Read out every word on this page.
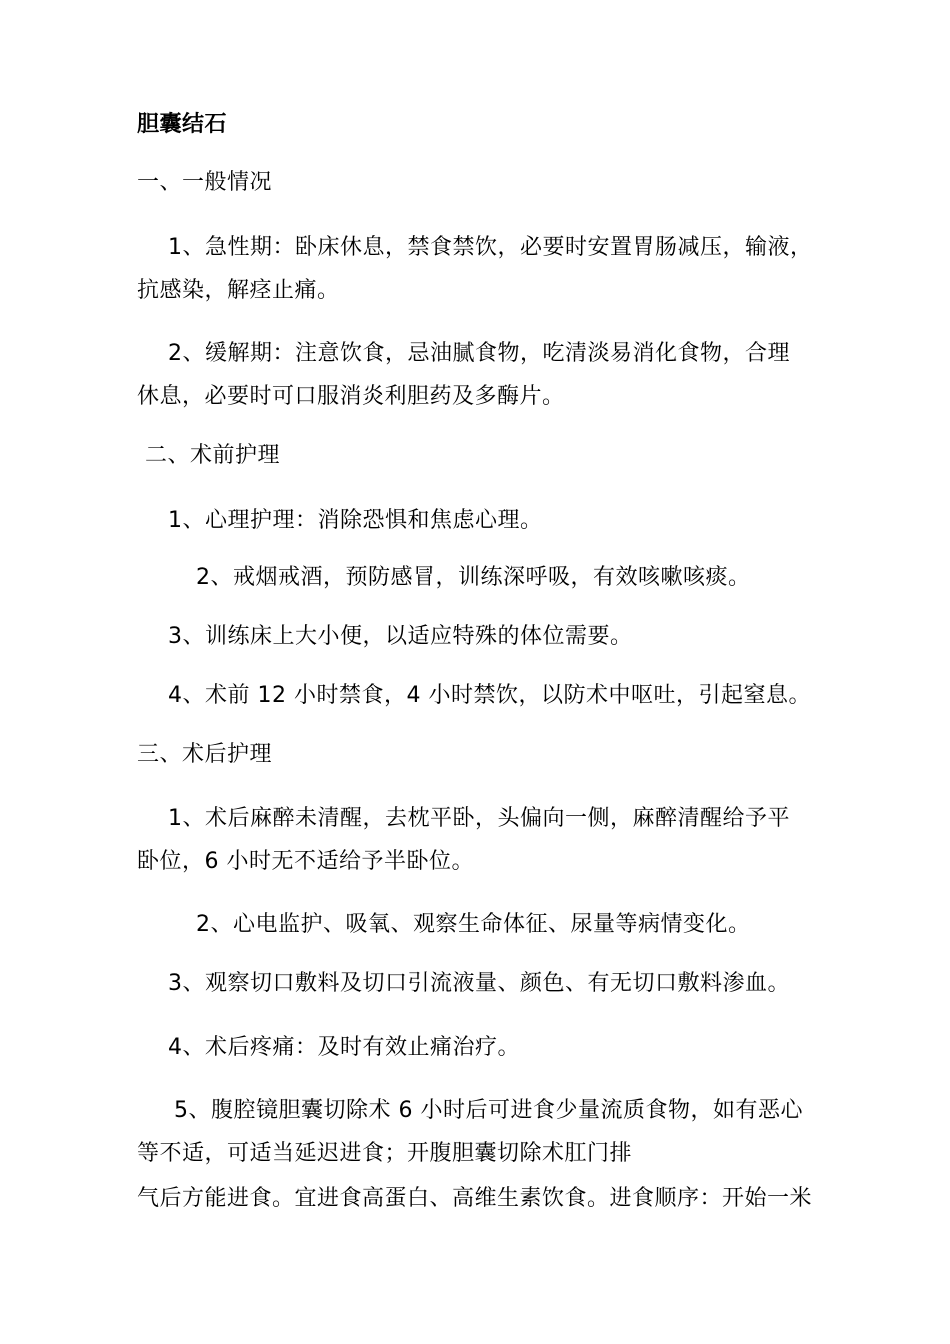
胆囊结石
一、一般情况
1、急性期：卧床休息，禁食禁饮，必要时安置胃肠减压，输液，
抗感染，解痉止痛。
2、缓解期：注意饮食，忌油腻食物，吃清淡易消化食物，合理
休息，必要时可口服消炎利胆药及多酶片。
二、术前护理
1、心理护理：消除恐惧和焦虑心理。
2、戒烟戒酒，预防感冒，训练深呼吸，有效咳嗽咳痰。
3、训练床上大小便，以适应特殊的体位需要。
4、术前 12 小时禁食，4 小时禁饮，以防术中呕吐，引起窒息。
三、术后护理
1、术后麻醉未清醒，去枕平卧，头偏向一侧，麻醉清醒给予平
卧位，6 小时无不适给予半卧位。
2、心电监护、吸氧、观察生命体征、尿量等病情变化。
3、观察切口敷料及切口引流液量、颜色、有无切口敷料渗血。
4、术后疼痛：及时有效止痛治疗。
5、腹腔镜胆囊切除术 6 小时后可进食少量流质食物，如有恶心
等不适，可适当延迟进食；开腹胆囊切除术肛门排
气后方能进食。宜进食高蛋白、高维生素饮食。进食顺序：开始一米
